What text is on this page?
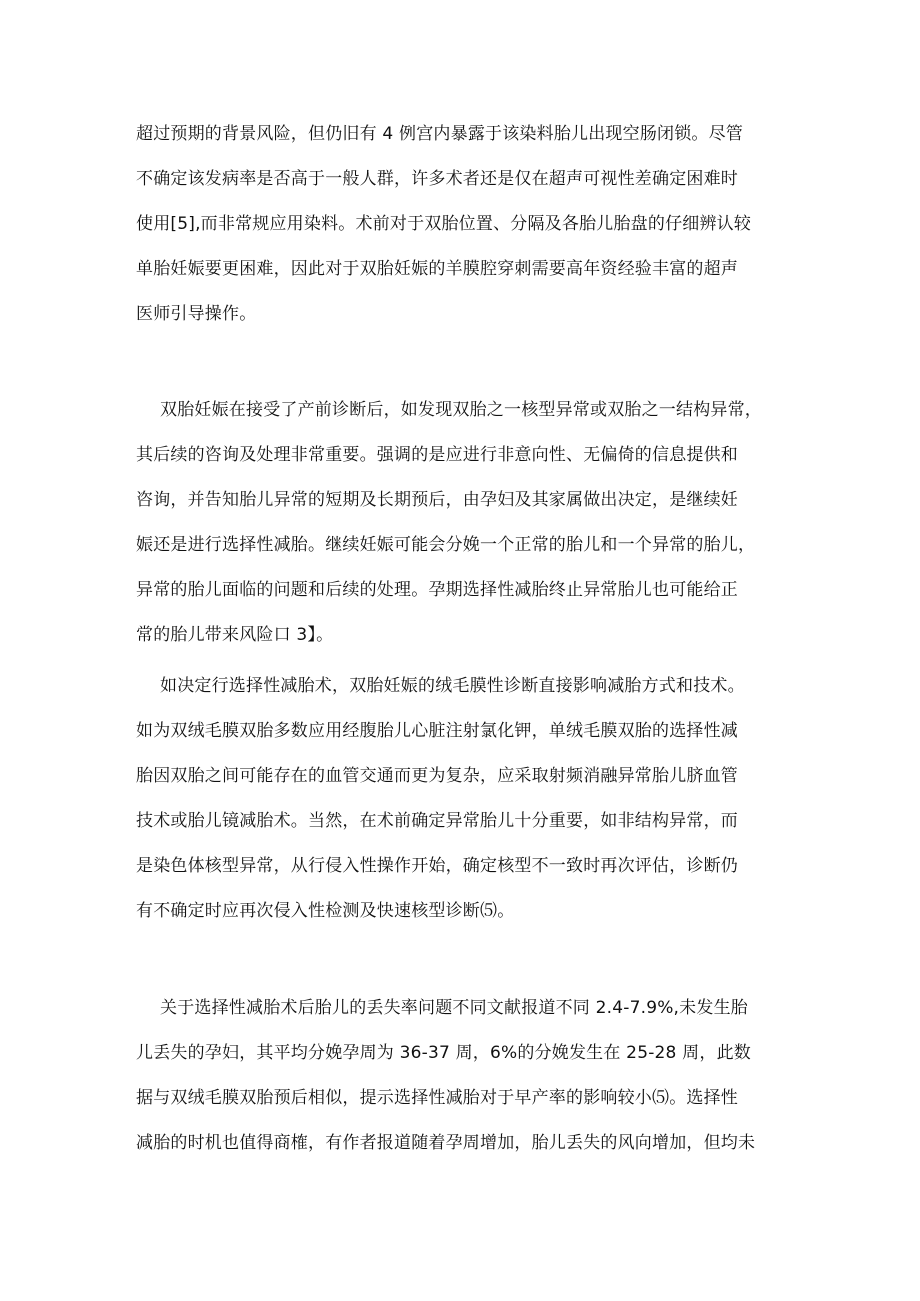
超过预期的背景风险，但仍旧有 4 例宫内暴露于该染料胎儿出现空肠闭锁。尽管
不确定该发病率是否高于一般人群，许多术者还是仅在超声可视性差确定困难时
使用[5],而非常规应用染料。术前对于双胎位置、分隔及各胎儿胎盘的仔细辨认较
单胎妊娠要更困难，因此对于双胎妊娠的羊膜腔穿刺需要高年资经验丰富的超声
医师引导操作。
双胎妊娠在接受了产前诊断后，如发现双胎之一核型异常或双胎之一结构异常，
其后续的咨询及处理非常重要。强调的是应进行非意向性、无偏倚的信息提供和
咨询，并告知胎儿异常的短期及长期预后，由孕妇及其家属做出决定，是继续妊
娠还是进行选择性减胎。继续妊娠可能会分娩一个正常的胎儿和一个异常的胎儿，
异常的胎儿面临的问题和后续的处理。孕期选择性减胎终止异常胎儿也可能给正
常的胎儿带来风险口 3】。
如决定行选择性减胎术，双胎妊娠的绒毛膜性诊断直接影响减胎方式和技术。
如为双绒毛膜双胎多数应用经腹胎儿心脏注射氯化钾，单绒毛膜双胎的选择性减
胎因双胎之间可能存在的血管交通而更为复杂，应采取射频消融异常胎儿脐血管
技术或胎儿镜减胎术。当然，在术前确定异常胎儿十分重要，如非结构异常，而
是染色体核型异常，从行侵入性操作开始，确定核型不一致时再次评估，诊断仍
有不确定时应再次侵入性检测及快速核型诊断⑸。
关于选择性减胎术后胎儿的丢失率问题不同文献报道不同 2.4-7.9%,未发生胎
儿丢失的孕妇，其平均分娩孕周为 36-37 周，6%的分娩发生在 25-28 周，此数
据与双绒毛膜双胎预后相似，提示选择性减胎对于早产率的影响较小⑸。选择性
减胎的时机也值得商榷，有作者报道随着孕周增加，胎儿丢失的风向增加，但均未
